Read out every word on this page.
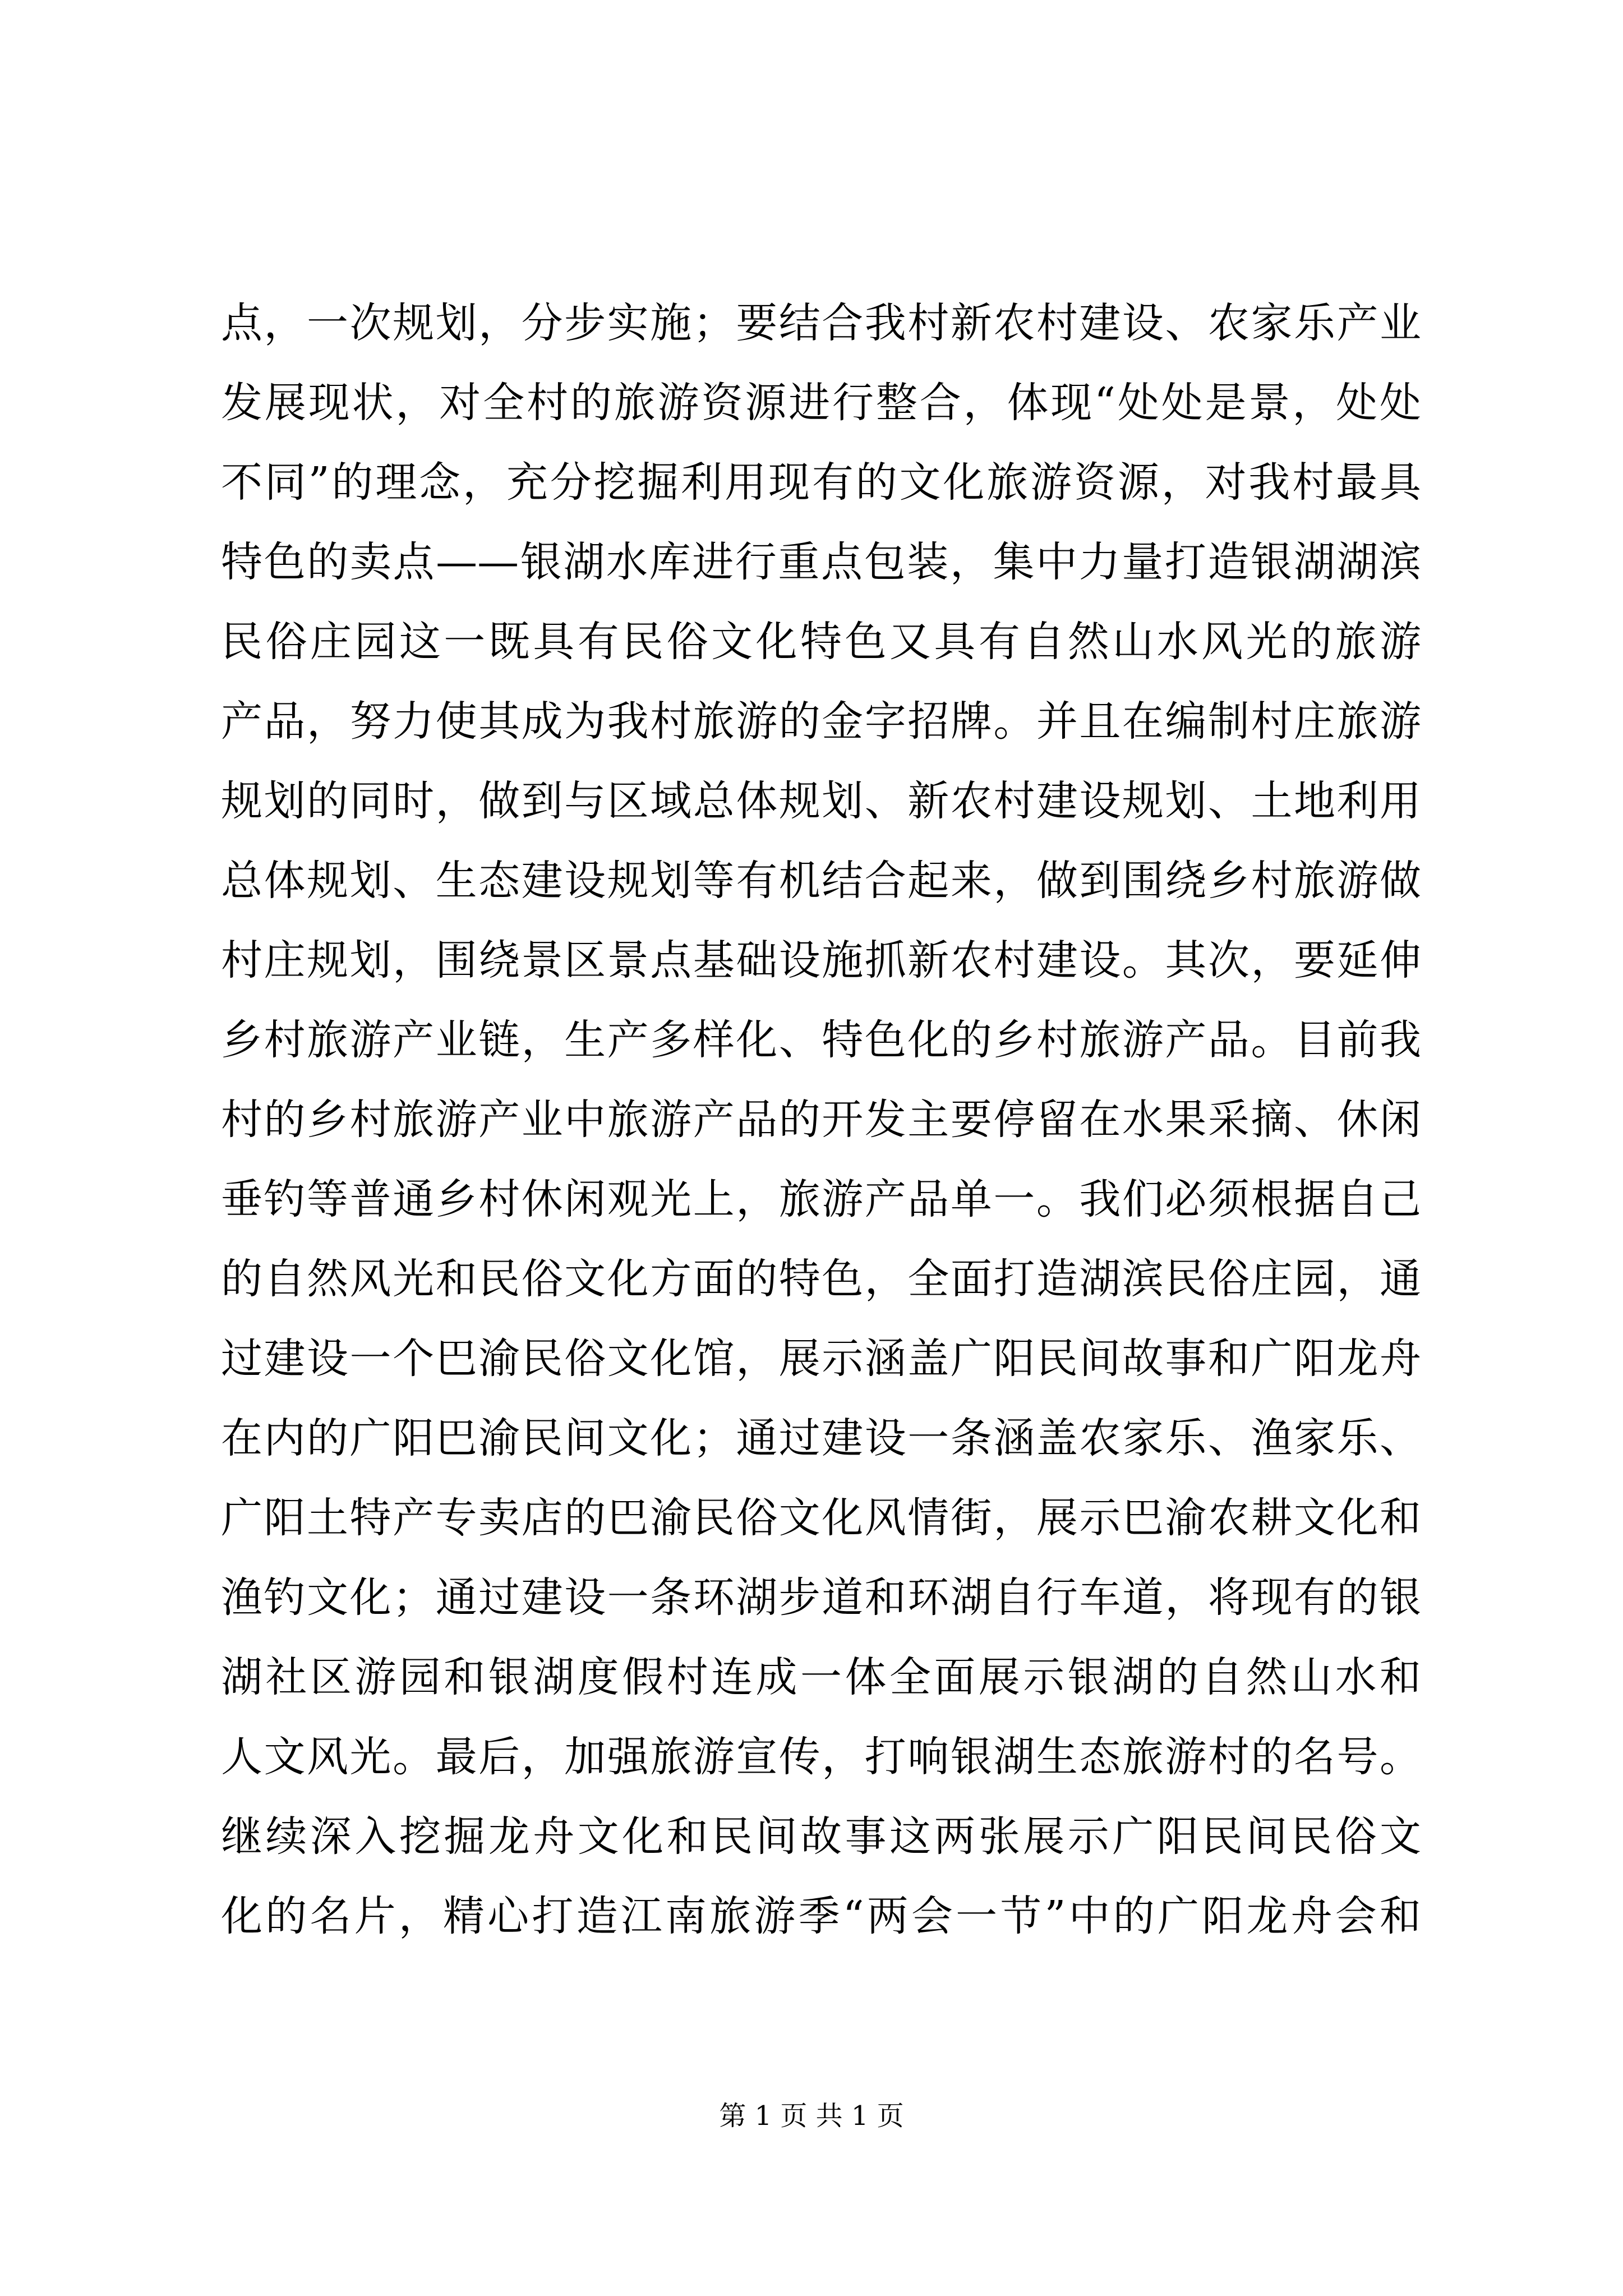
点，一次规划，分步实施；要结合我村新农村建设、农家乐产业
发展现状，对全村的旅游资源进行整合，体现“处处是景，处处
不同”的理念，充分挖掘利用现有的文化旅游资源，对我村最具
特色的卖点——银湖水库进行重点包装，集中力量打造银湖湖滨
民俗庄园这一既具有民俗文化特色又具有自然山水风光的旅游
产品，努力使其成为我村旅游的金字招牌。并且在编制村庄旅游
规划的同时，做到与区域总体规划、新农村建设规划、土地利用
总体规划、生态建设规划等有机结合起来，做到围绕乡村旅游做
村庄规划，围绕景区景点基础设施抓新农村建设。其次，要延伸
乡村旅游产业链，生产多样化、特色化的乡村旅游产品。目前我
村的乡村旅游产业中旅游产品的开发主要停留在水果采摘、休闲
垂钓等普通乡村休闲观光上，旅游产品单一。我们必须根据自己
的自然风光和民俗文化方面的特色，全面打造湖滨民俗庄园，通
过建设一个巴渝民俗文化馆，展示涵盖广阳民间故事和广阳龙舟
在内的广阳巴渝民间文化；通过建设一条涵盖农家乐、渔家乐、
广阳土特产专卖店的巴渝民俗文化风情街，展示巴渝农耕文化和
渔钓文化；通过建设一条环湖步道和环湖自行车道，将现有的银
湖社区游园和银湖度假村连成一体全面展示银湖的自然山水和
人文风光。最后，加强旅游宣传，打响银湖生态旅游村的名号。
继续深入挖掘龙舟文化和民间故事这两张展示广阳民间民俗文
化的名片，精心打造江南旅游季“两会一节”中的广阳龙舟会和
第 1 页 共 1 页
